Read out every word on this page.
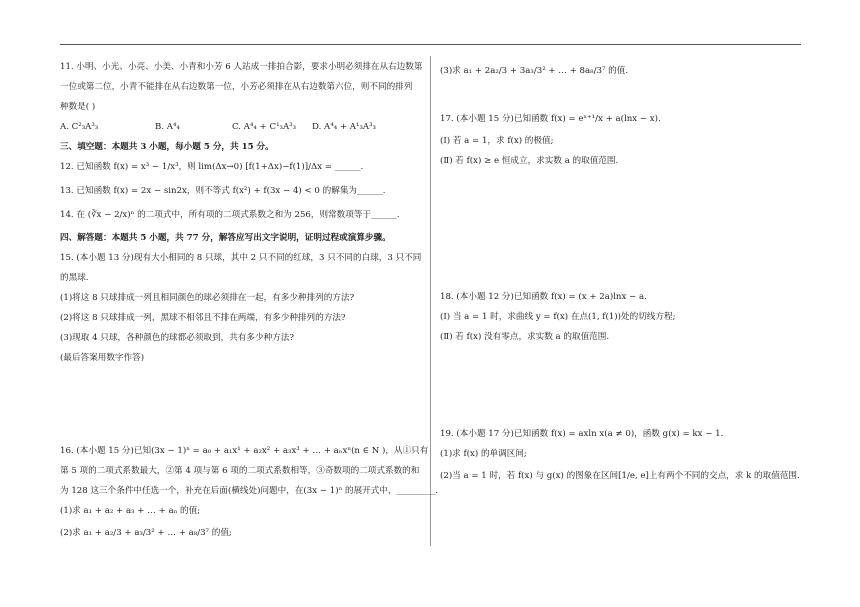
11. 小明、小光、小亮、小美、小青和小芳 6 人站成一排拍合影，要求小明必须排在从右边数第
一位或第二位，小青不能排在从右边数第一位，小芳必须排在从右边数第六位，则不同的排列
种数是( )
A. C²₃A³₃	B. A⁴₄	C. A⁴₄ + C¹₃A³₃ D. A⁴₄ + A¹₃A³₃
三、填空题：本题共 3 小题，每小题 5 分，共 15 分。
12. 已知函数 f(x) = x³ − 1/x³，则 lim(Δx→0) [f(1+Δx)−f(1)]/Δx = ______.
13. 已知函数 f(x) = 2x − sin2x，则不等式 f(x²) + f(3x − 4) < 0 的解集为______.
14. 在 (∛x − 2/x)ⁿ 的二项式中，所有项的二项式系数之和为 256，则常数项等于______.
四、解答题：本题共 5 小题，共 77 分，解答应写出文字说明，证明过程或演算步骤。
15. (本小题 13 分)现有大小相同的 8 只球，其中 2 只不同的红球，3 只不同的白球，3 只不同
的黑球.
(1)将这 8 只球排成一列且相同颜色的球必须排在一起，有多少种排列的方法?
(2)将这 8 只球排成一列，黑球不相邻且不排在两端，有多少种排列的方法?
(3)现取 4 只球，各种颜色的球都必须取到，共有多少种方法?
(最后答案用数字作答)
16. (本小题 15 分)已知(3x − 1)ⁿ = a₀ + a₁x¹ + a₂x² + a₃x³ + … + aₙxⁿ(n ∈ N )，从①只有
第 5 项的二项式系数最大，②第 4 项与第 6 项的二项式系数相等，③奇数项的二项式系数的和
为 128 这三个条件中任选一个，补充在后面(横线处)问题中，在(3x − 1)ⁿ 的展开式中，_________.
(1)求 a₁ + a₂ + a₃ + … + aₙ 的值;
(2)求 a₁ + a₂/3 + a₃/3² + … + a₈/3⁷ 的值;
(3)求 a₁ + 2a₂/3 + 3a₃/3² + … + 8a₈/3⁷ 的值.
17. (本小题 15 分)已知函数 f(x) = eˣ⁺¹/x + a(lnx − x).
(Ⅰ) 若 a = 1，求 f(x) 的极值;
(Ⅱ) 若 f(x) ≥ e 恒成立，求实数 a 的取值范围.
18. (本小题 12 分)已知函数 f(x) = (x + 2a)lnx − a.
(Ⅰ) 当 a = 1 时，求曲线 y = f(x) 在点(1, f(1))处的切线方程;
(Ⅱ) 若 f(x) 没有零点，求实数 a 的取值范围.
19. (本小题 17 分)已知函数 f(x) = axln x(a ≠ 0)，函数 g(x) = kx − 1.
(1)求 f(x) 的单调区间;
(2)当 a = 1 时，若 f(x) 与 g(x) 的图象在区间[1/e, e]上有两个不同的交点，求 k 的取值范围.
